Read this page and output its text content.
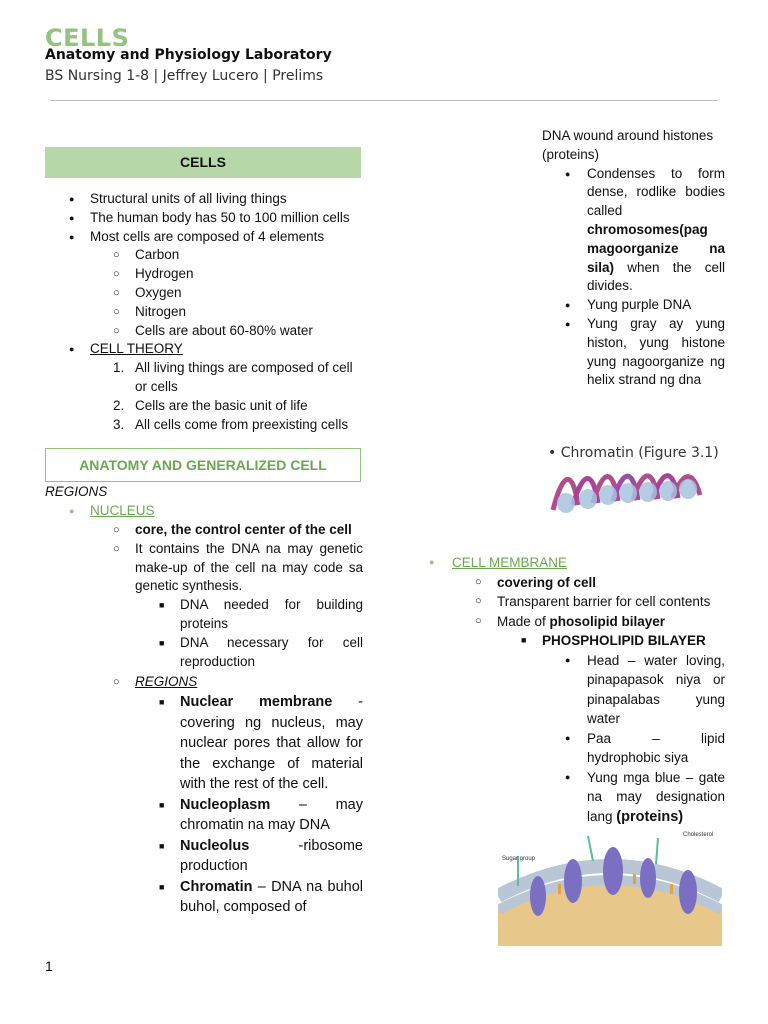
CELLS
Anatomy and Physiology Laboratory
BS Nursing 1-8 | Jeffrey Lucero | Prelims
CELLS
● Structural units of all living things
● The human body has 50 to 100 million cells
● Most cells are composed of 4 elements
○ Carbon
○ Hydrogen
○ Oxygen
○ Nitrogen
○ Cells are about 60-80% water
● CELL THEORY
1. All living things are composed of cell or cells
2. Cells are the basic unit of life
3. All cells come from preexisting cells
ANATOMY AND GENERALIZED CELL
REGIONS
● NUCLEUS
○ core, the control center of the cell
○ It contains the DNA na may genetic make-up of the cell na may code sa genetic synthesis.
■ DNA needed for building proteins
■ DNA necessary for cell reproduction
○ REGIONS
■ Nuclear membrane - covering ng nucleus, may nuclear pores that allow for the exchange of material with the rest of the cell.
■ Nucleoplasm – may chromatin na may DNA
■ Nucleolus -ribosome production
■ Chromatin – DNA na buhol buhol, composed of
DNA wound around histones (proteins)
● Condenses to form dense, rodlike bodies called chromosomes(pag magoorganize na sila) when the cell divides.
● Yung purple DNA
● Yung gray ay yung histon, yung histone yung nagoorganize ng helix strand ng dna
• Chromatin (Figure 3.1)
● CELL MEMBRANE
○ covering of cell
○ Transparent barrier for cell contents
○ Made of phosolipid bilayer
■ PHOSPHOLIPID BILAYER
● Head – water loving, pinapapasok niya or pinapalabas yung water
● Paa – lipid hydrophobic siya
● Yung mga blue – gate na may designation lang (proteins)
Sugar group
Cholesterol
1
